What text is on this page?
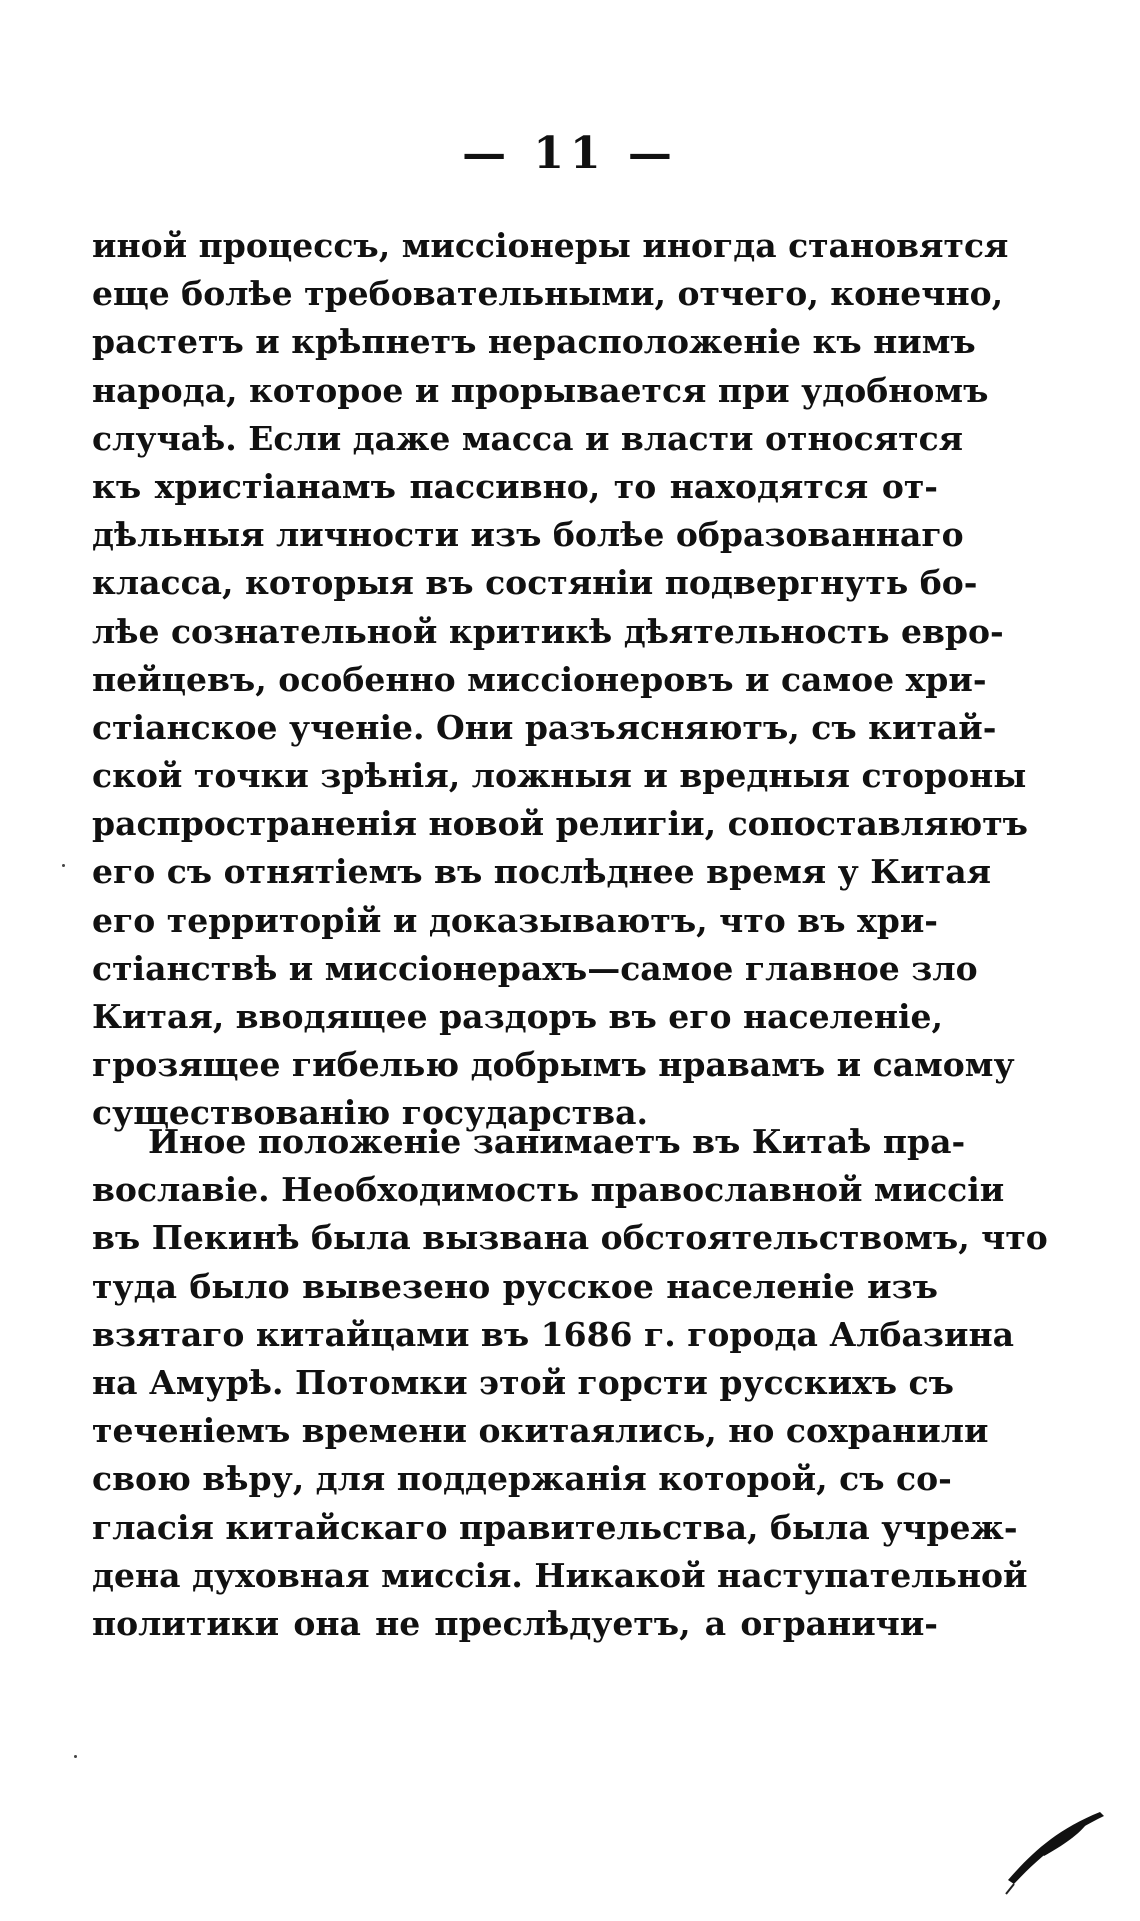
— 11 —
иной процессъ, миссіонеры иногда становятся
еще болѣе требовательными, отчего, конечно,
растетъ и крѣпнетъ нерасположеніе къ нимъ
народа, которое и прорывается при удобномъ
случаѣ. Если даже масса и власти относятся
къ христіанамъ пассивно, то находятся от-
дѣльныя личности изъ болѣе образованнаго
класса, которыя въ состяніи подвергнуть бо-
лѣе сознательной критикѣ дѣятельность евро-
пейцевъ, особенно миссіонеровъ и самое хри-
стіанское ученіе. Они разъясняютъ, съ китай-
ской точки зрѣнія, ложныя и вредныя стороны
распространенія новой религіи, сопоставляютъ
его съ отнятіемъ въ послѣднее время у Китая
его территорій и доказываютъ, что въ хри-
стіанствѣ и миссіонерахъ—самое главное зло
Китая, вводящее раздоръ въ его населеніе,
грозящее гибелью добрымъ нравамъ и самому
существованію государства.
Иное положеніе занимаетъ въ Китаѣ пра-
вославіе. Необходимость православной миссіи
въ Пекинѣ была вызвана обстоятельствомъ, что
туда было вывезено русское населеніе изъ
взятаго китайцами въ 1686 г. города Албазина
на Амурѣ. Потомки этой горсти русскихъ съ
теченіемъ времени окитаялись, но сохранили
свою вѣру, для поддержанія которой, съ со-
гласія китайскаго правительства, была учреж-
дена духовная миссія. Никакой наступательной
политики она не преслѣдуетъ, а ограничи-
